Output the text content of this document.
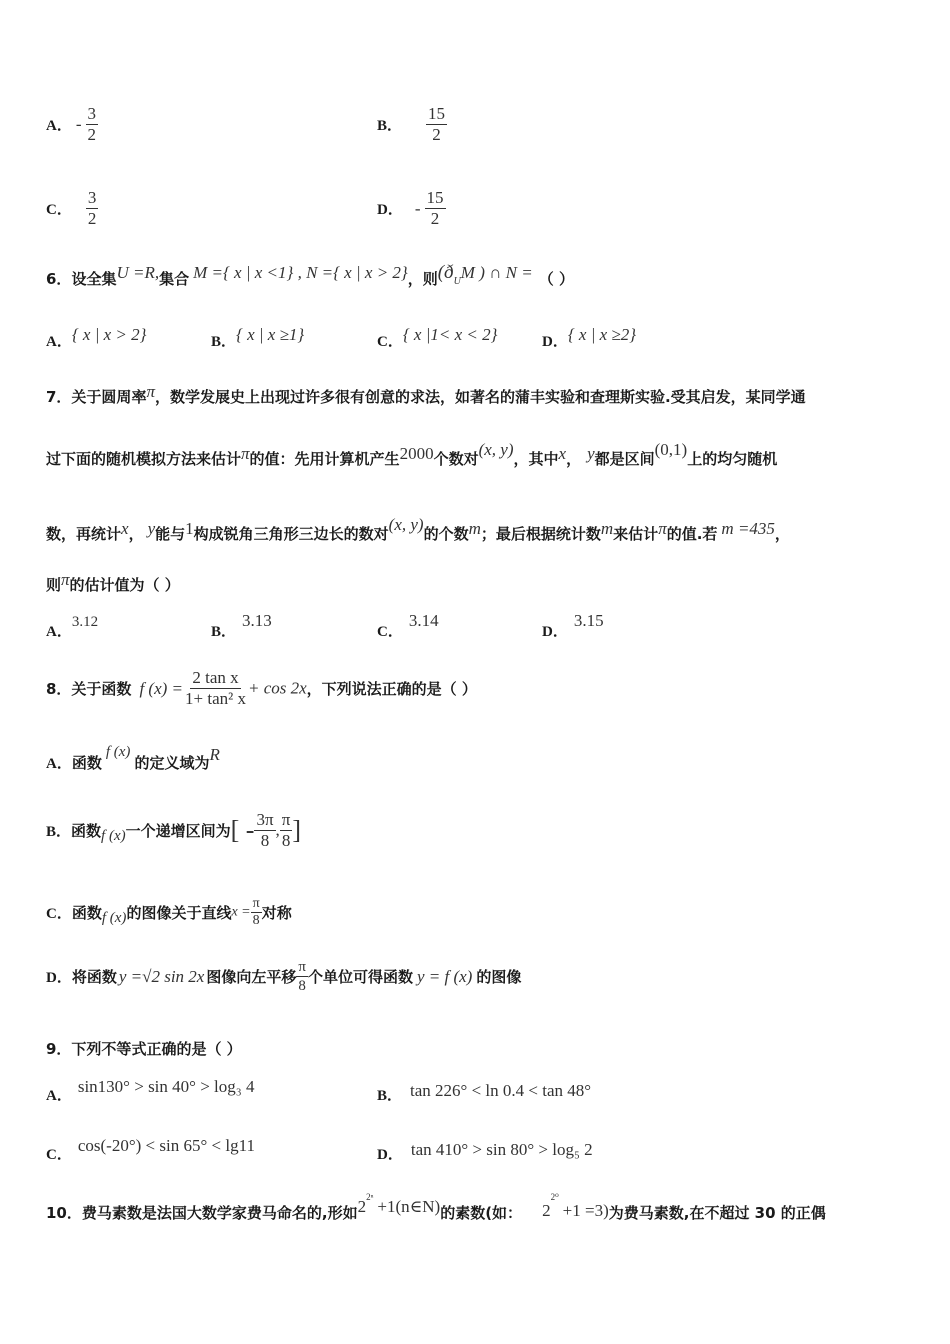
A． - $\frac{3}{2}$	B． $\frac{15}{2}$
C． $\frac{3}{2}$	D． - $\frac{15}{2}$
6．设全集U =R,集合 M ={ x | x <1} , N ={ x | x > 2}，则($ð_UM$ ) ∩ N = （ ）
A．{ x | x > 2}	B．{ x | x ≥1}	C．{ x |1< x < 2}	D．{ x | x ≥2}
7．关于圆周率π，数学发展史上出现过许多很有创意的求法，如著名的蒲丰实验和查理斯实验.受其启发，某同学通
过下面的随机模拟方法来估计π的值：先用计算机产生2000个数对(x, y)，其中x， y都是区间(0,1)上的均匀随机
数，再统计x， y能与1构成锐角三角形三边长的数对(x, y)的个数m；最后根据统计数m来估计π的值.若 m =435，
则π的估计值为（ ）
A．3.12
B．3.13
C．3.14
D．3.15
8．关于函数 f $(x) = \frac{\text{2 tan x}}{\text{1+ tan² x}} + \cos 2x$，下列说法正确的是（ ）
A．函数f (x)的定义域为R
B．函数f (x)一个递增区间为[ - $\frac{3\pi}{8}$ , $\frac{\pi}{8}$ ]
C．函数f (x)的图像关于直线$x = \frac{\pi}{8}$ 对称
D．将函数 y =√2 sin 2x 图像向左平移 $\frac{\pi}{8}$ 个单位可得函数 y = f (x) 的图像
9．下列不等式正确的是（ ）
A． sin130° > sin 40° > log₃ 4	B． tan 226° < ln 0.4 < tan 48°
C． cos(-20°) < sin 65° < lg11	D． tan 410° > sin 80° > log₅ 2
10．费马素数是法国大数学家费马命名的,形如$2^{2^n}+1(n\in N)$的素数(如： $2^{2^0}+1 =3$)为费马素数,在不超过 30 的正偶
